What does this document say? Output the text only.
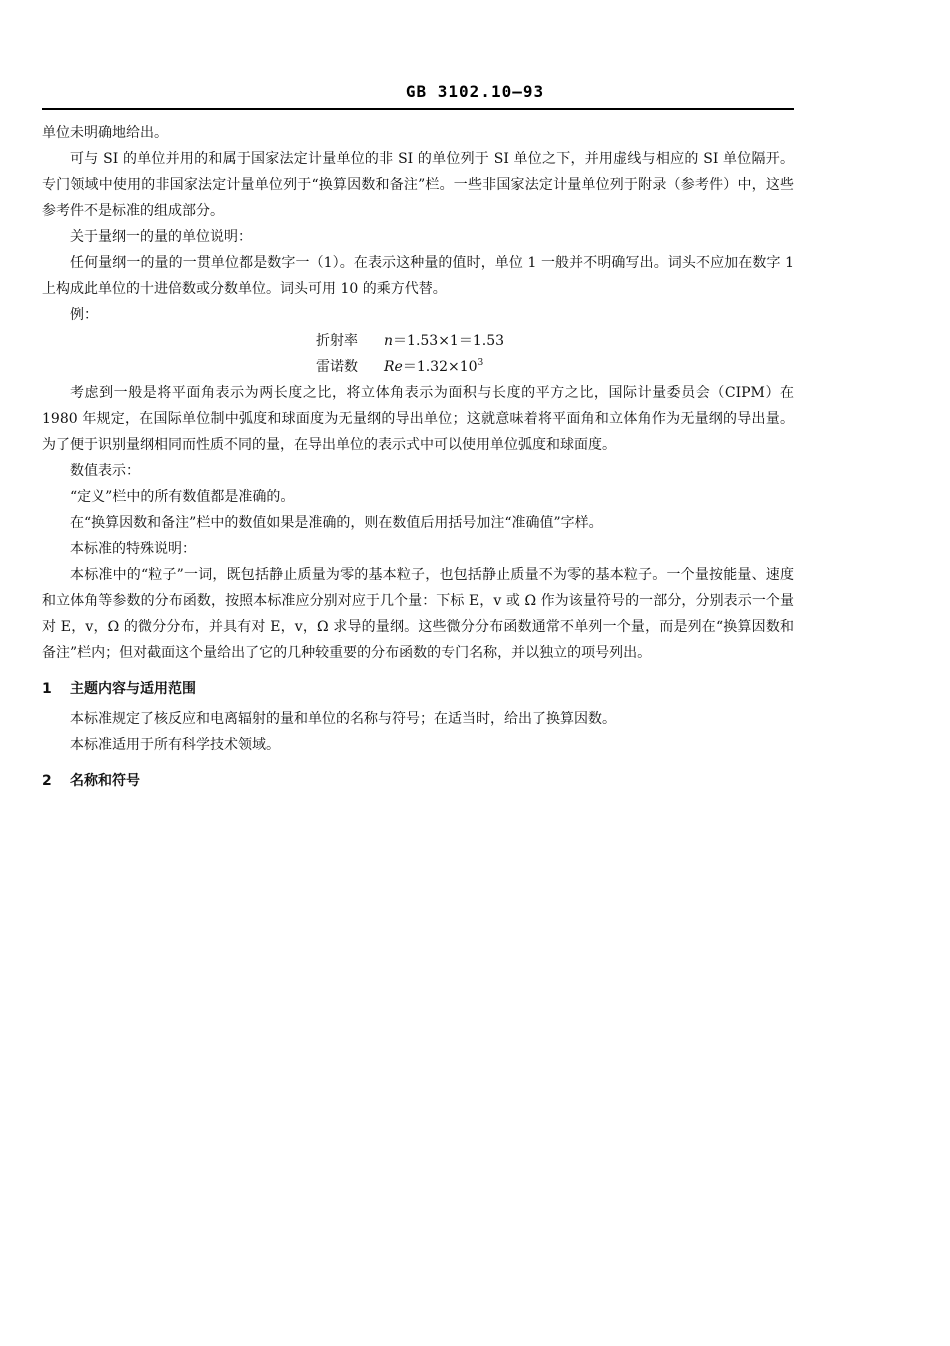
GB 3102.10—93

单位未明确地给出。

可与 SI 的单位并用的和属于国家法定计量单位的非 SI 的单位列于 SI 单位之下，并用虚线与相应的 SI 单位隔开。专门领域中使用的非国家法定计量单位列于“换算因数和备注”栏。一些非国家法定计量单位列于附录（参考件）中，这些参考件不是标准的组成部分。

关于量纲一的量的单位说明：

任何量纲一的量的一贯单位都是数字一（1）。在表示这种量的值时，单位 1 一般并不明确写出。词头不应加在数字 1 上构成此单位的十进倍数或分数单位。词头可用 10 的乘方代替。

例：

折射率 n＝1.53×1＝1.53

雷诺数 $Re=1.32\times 10^3$

考虑到一般是将平面角表示为两长度之比，将立体角表示为面积与长度的平方之比，国际计量委员会（CIPM）在 1980 年规定，在国际单位制中弧度和球面度为无量纲的导出单位；这就意味着将平面角和立体角作为无量纲的导出量。为了便于识别量纲相同而性质不同的量，在导出单位的表示式中可以使用单位弧度和球面度。

数值表示：

“定义”栏中的所有数值都是准确的。

在“换算因数和备注”栏中的数值如果是准确的，则在数值后用括号加注“准确值”字样。

本标准的特殊说明：

本标准中的“粒子”一词，既包括静止质量为零的基本粒子，也包括静止质量不为零的基本粒子。一个量按能量、速度和立体角等参数的分布函数，按照本标准应分别对应于几个量：下标 E，v 或 Ω 作为该量符号的一部分，分别表示一个量对 E，v，Ω 的微分分布，并具有对 E，v，Ω 求导的量纲。这些微分分布函数通常不单列一个量，而是列在“换算因数和备注”栏内；但对截面这个量给出了它的几种较重要的分布函数的专门名称，并以独立的项号列出。

1 主题内容与适用范围

本标准规定了核反应和电离辐射的量和单位的名称与符号；在适当时，给出了换算因数。

本标准适用于所有科学技术领域。

2 名称和符号
